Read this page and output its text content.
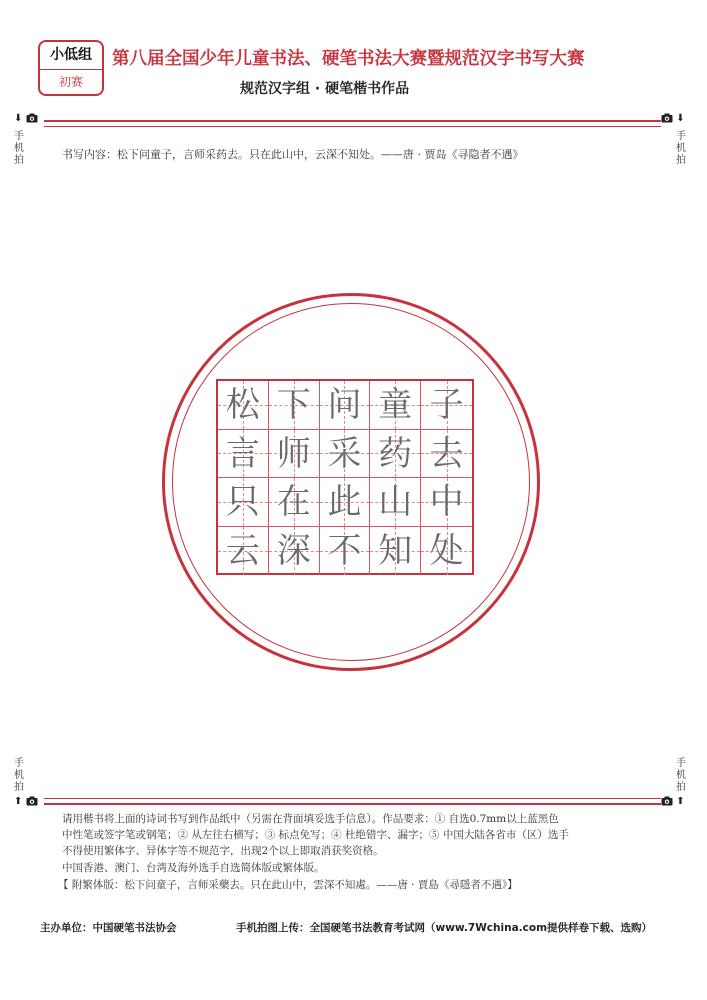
小低组
初赛
第八届全国少年儿童书法、硬笔书法大赛暨规范汉字书写大赛
规范汉字组 · 硬笔楷书作品
⬇
手
机
拍
⬇
手
机
拍
书写内容：松下问童子，言师采药去。只在此山中，云深不知处。——唐 · 贾岛《寻隐者不遇》
松 下 问 童 子
言 师 采 药 去
只 在 此 山 中
云 深 不 知 处
手
机
拍
⬆
手
机
拍
⬆
请用楷书将上面的诗词书写到作品纸中（另需在背面填妥选手信息）。作品要求：① 自选0.7mm以上蓝黑色
中性笔或签字笔或钢笔；② 从左往右横写；③ 标点免写；④ 杜绝错字、漏字；⑤ 中国大陆各省市（区）选手
不得使用繁体字、异体字等不规范字，出现2个以上即取消获奖资格。
中国香港、澳门、台湾及海外选手自选简体版或繁体版。
【 附繁体版：松下问童子，言师采藥去。只在此山中，雲深不知處。——唐 · 賈島《尋隱者不遇》】
主办单位：中国硬笔书法协会	手机拍图上传：全国硬笔书法教育考试网（www.7Wchina.com提供样卷下载、选购）
